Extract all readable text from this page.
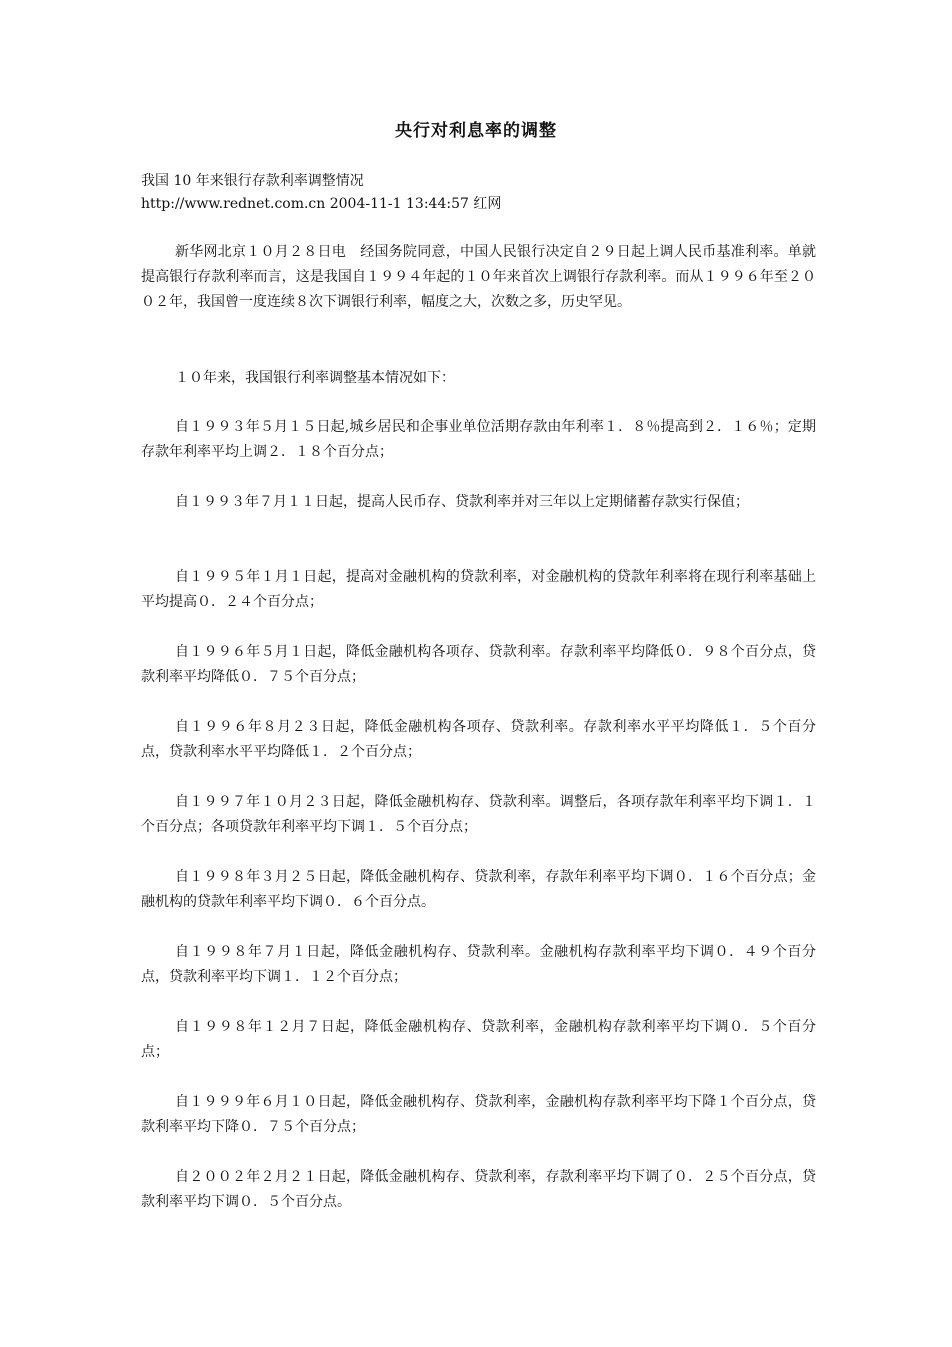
央行对利息率的调整
我国 10 年来银行存款利率调整情况
http://www.rednet.com.cn 2004-11-1 13:44:57 红网

新华网北京１０月２８日电　经国务院同意，中国人民银行决定自２９日起上调人民币基准利率。单就提高银行存款利率而言，这是我国自１９９４年起的１０年来首次上调银行存款利率。而从１９９６年至２００２年，我国曾一度连续８次下调银行利率，幅度之大，次数之多，历史罕见。

１０年来，我国银行利率调整基本情况如下：

自１９９３年５月１５日起,城乡居民和企事业单位活期存款由年利率１．８％提高到２．１６％；定期存款年利率平均上调２．１８个百分点；

自１９９３年７月１１日起，提高人民币存、贷款利率并对三年以上定期储蓄存款实行保值；

自１９９５年１月１日起，提高对金融机构的贷款利率，对金融机构的贷款年利率将在现行利率基础上平均提高０．２４个百分点；

自１９９６年５月１日起，降低金融机构各项存、贷款利率。存款利率平均降低０．９８个百分点，贷款利率平均降低０．７５个百分点；

自１９９６年８月２３日起，降低金融机构各项存、贷款利率。存款利率水平平均降低１．５个百分点，贷款利率水平平均降低１．２个百分点；

自１９９７年１０月２３日起，降低金融机构存、贷款利率。调整后，各项存款年利率平均下调１．１个百分点；各项贷款年利率平均下调１．５个百分点；

自１９９８年３月２５日起，降低金融机构存、贷款利率，存款年利率平均下调０．１６个百分点；金融机构的贷款年利率平均下调０．６个百分点。

自１９９８年７月１日起，降低金融机构存、贷款利率。金融机构存款利率平均下调０．４９个百分点，贷款利率平均下调１．１２个百分点；

自１９９８年１２月７日起，降低金融机构存、贷款利率，金融机构存款利率平均下调０．５个百分点；

自１９９９年６月１０日起，降低金融机构存、贷款利率，金融机构存款利率平均下降１个百分点，贷款利率平均下降０．７５个百分点；

自２００２年２月２１日起，降低金融机构存、贷款利率，存款利率平均下调了０．２５个百分点，贷款利率平均下调０．５个百分点。
